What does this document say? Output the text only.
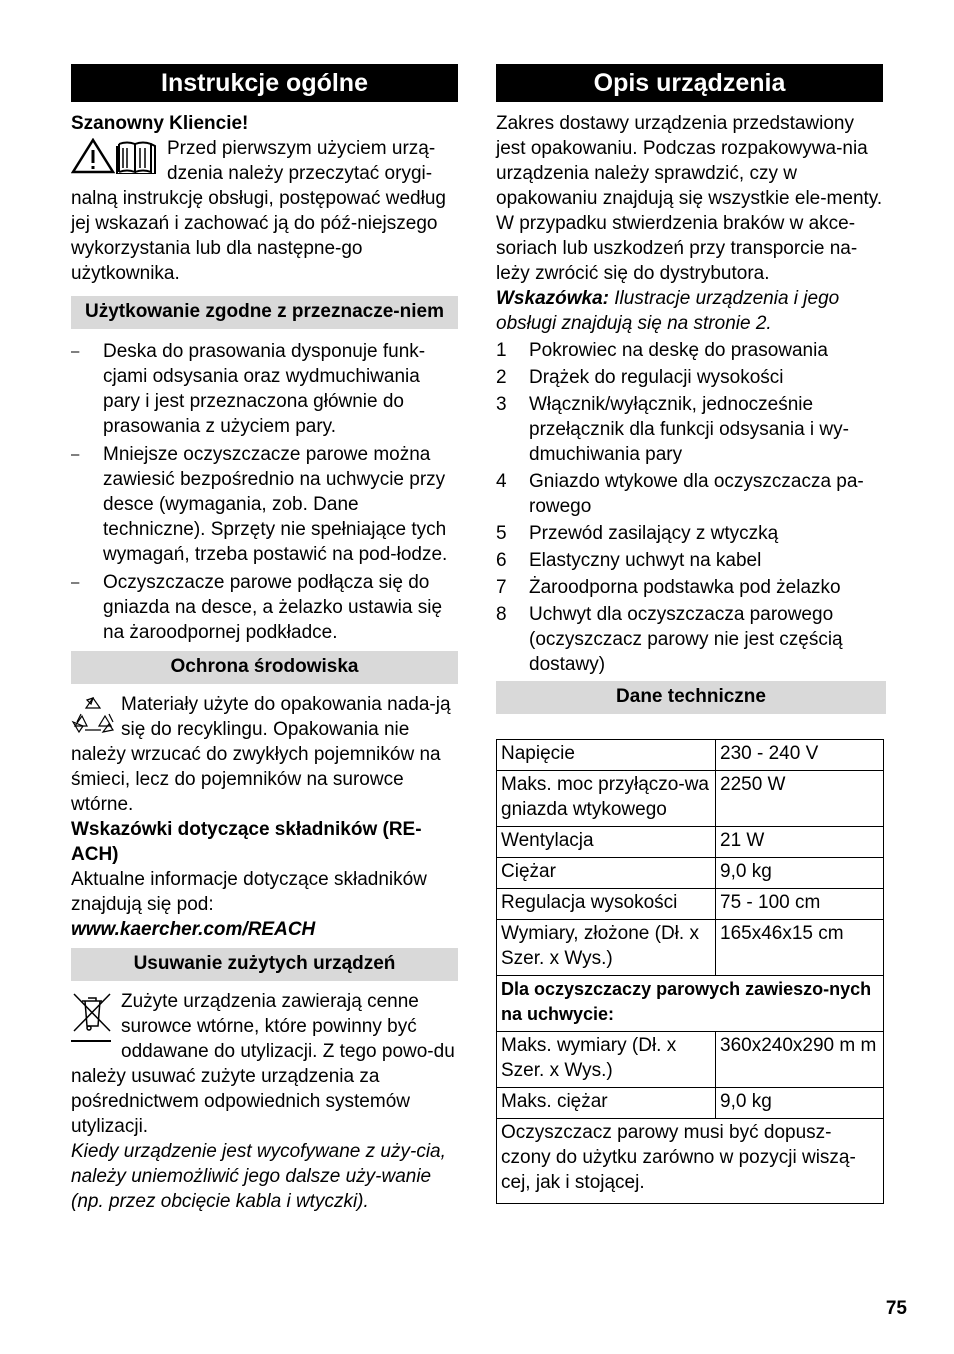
Instrukcje ogólne

Szanowny Kliencie!

Przed pierwszym użyciem urzą-dzenia należy przeczytać orygi-nalną instrukcję obsługi, postępować według jej wskazań i zachować ją do póź-niejszego wykorzystania lub dla następne-go użytkownika.

Użytkowanie zgodne z przeznacze-niem
– Deska do prasowania dysponuje funk-cjami odsysania oraz wydmuchiwania pary i jest przeznaczona głównie do prasowania z użyciem pary.
– Mniejsze oczyszczacze parowe można zawiesić bezpośrednio na uchwycie przy desce (wymagania, zob. Dane techniczne). Sprzęty nie spełniające tych wymagań, trzeba postawić na pod-łodze.
– Oczyszczacze parowe podłącza się do gniazda na desce, a żelazko ustawia się na żaroodpornej podkładce.
Ochrona środowiska

Materiały użyte do opakowania nada-ją się do recyklingu. Opakowania nie należy wrzucać do zwykłych pojemników na śmieci, lecz do pojemników na surowce wtórne.

Wskazówki dotyczące składników (RE-ACH)

Aktualne informacje dotyczące składników znajdują się pod:

www.kaercher.com/REACH

Usuwanie zużytych urządzeń

Zużyte urządzenia zawierają cenne surowce wtórne, które powinny być oddawane do utylizacji. Z tego powo-du należy usuwać zużyte urządzenia za pośrednictwem odpowiednich systemów utylizacji.

Kiedy urządzenie jest wycofywane z uży-cia, należy uniemożliwić jego dalsze uży-wanie (np. przez obcięcie kabla i wtyczki).

Opis urządzenia

Zakres dostawy urządzenia przedstawiony jest opakowaniu. Podczas rozpakowywa-nia urządzenia należy sprawdzić, czy w opakowaniu znajdują się wszystkie ele-menty.

W przypadku stwierdzenia braków w akce-soriach lub uszkodzeń przy transporcie na-leży zwrócić się do dystrybutora.

Wskazówka: Ilustracje urządzenia i jego obsługi znajdują się na stronie 2.

1 Pokrowiec na deskę do prasowania
2 Drążek do regulacji wysokości
3 Włącznik/wyłącznik, jednocześnie przełącznik dla funkcji odsysania i wy-dmuchiwania pary
4 Gniazdo wtykowe dla oczyszczacza pa-rowego
5 Przewód zasilający z wtyczką
6 Elastyczny uchwyt na kabel
7 Żaroodporna podstawka pod żelazko
8 Uchwyt dla oczyszczacza parowego (oczyszczacz parowy nie jest częścią dostawy)
Dane techniczne
Napięcie	230 - 240 V
Maks. moc przyłączo-wa gniazda wtykowego	2250 W
Wentylacja	21 W
Ciężar	9,0 kg
Regulacja wysokości	75 - 100 cm
Wymiary, złożone (Dł. x Szer. x Wys.)	165x46x15 cm
Dla oczyszczaczy parowych zawieszo-nych na uchwycie:	
Maks. wymiary (Dł. x Szer. x Wys.)	360x240x290 m m
Maks. ciężar	9,0 kg
Oczyszczacz parowy musi być dopusz-czony do użytku zarówno w pozycji wiszą-cej, jak i stojącej.	
75
